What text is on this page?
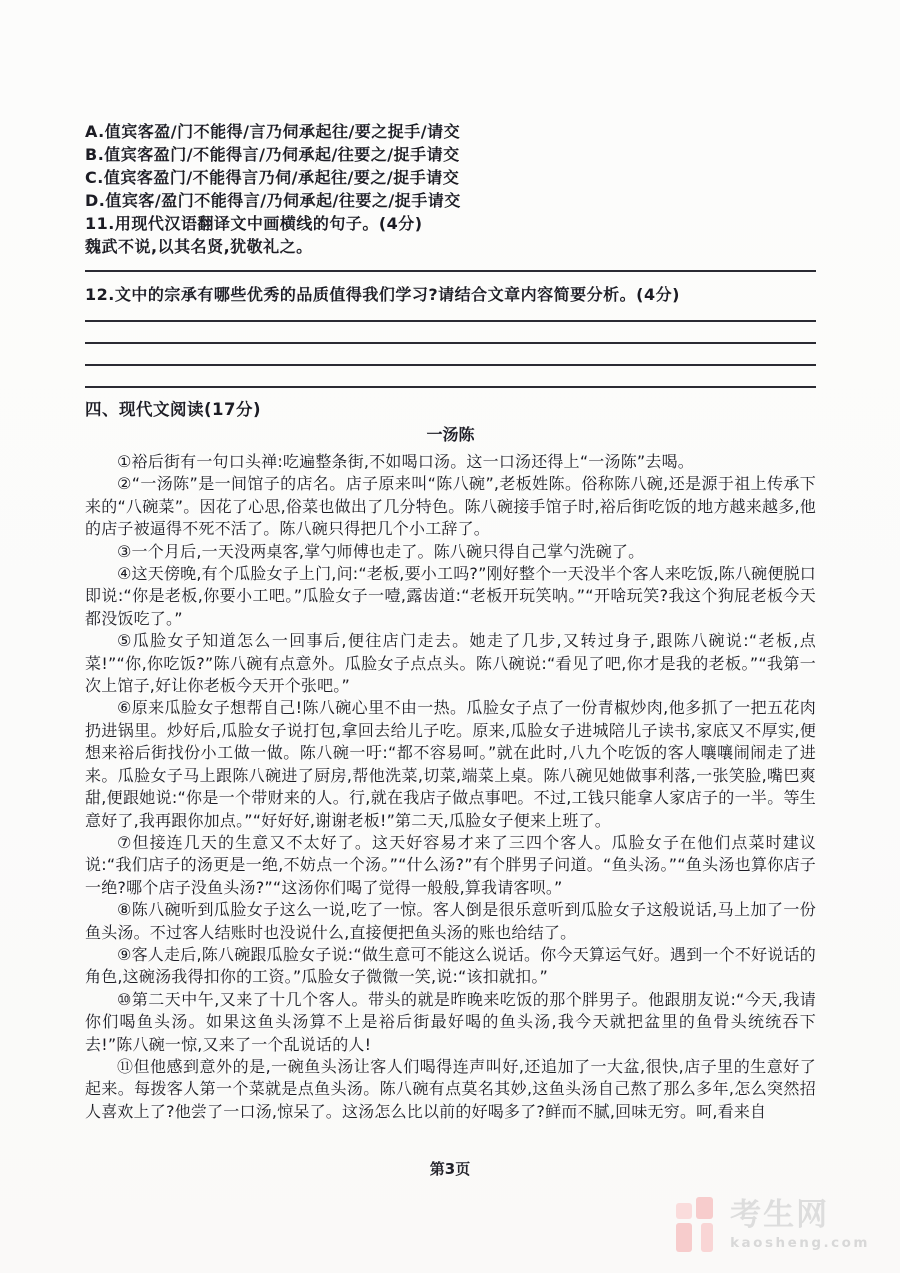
A.值宾客盈/门不能得/言乃伺承起往/要之捉手/请交
B.值宾客盈门/不能得言/乃伺承起/往要之/捉手请交
C.值宾客盈门/不能得言乃伺/承起往/要之/捉手请交
D.值宾客/盈门不能得言/乃伺承起/往要之/捉手请交
11.用现代汉语翻译文中画横线的句子。(4分)
魏武不说,以其名贤,犹敬礼之。
12.文中的宗承有哪些优秀的品质值得我们学习?请结合文章内容简要分析。(4分)
四、现代文阅读(17分)
一汤陈

①裕后街有一句口头禅:吃遍整条街,不如喝口汤。这一口汤还得上“一汤陈”去喝。

②“一汤陈”是一间馆子的店名。店子原来叫“陈八碗”,老板姓陈。俗称陈八碗,还是源于祖上传承下来的“八碗菜”。因花了心思,俗菜也做出了几分特色。陈八碗接手馆子时,裕后街吃饭的地方越来越多,他的店子被逼得不死不活了。陈八碗只得把几个小工辞了。

③一个月后,一天没两桌客,掌勺师傅也走了。陈八碗只得自己掌勺洗碗了。

④这天傍晚,有个瓜脸女子上门,问:“老板,要小工吗?”刚好整个一天没半个客人来吃饭,陈八碗便脱口即说:“你是老板,你要小工吧。”瓜脸女子一噎,露齿道:“老板开玩笑呐。”“开啥玩笑?我这个狗屁老板今天都没饭吃了。”

⑤瓜脸女子知道怎么一回事后,便往店门走去。她走了几步,又转过身子,跟陈八碗说:“老板,点菜!”“你,你吃饭?”陈八碗有点意外。瓜脸女子点点头。陈八碗说:“看见了吧,你才是我的老板。”“我第一次上馆子,好让你老板今天开个张吧。”

⑥原来瓜脸女子想帮自己!陈八碗心里不由一热。瓜脸女子点了一份青椒炒肉,他多抓了一把五花肉扔进锅里。炒好后,瓜脸女子说打包,拿回去给儿子吃。原来,瓜脸女子进城陪儿子读书,家底又不厚实,便想来裕后街找份小工做一做。陈八碗一吁:“都不容易呵。”就在此时,八九个吃饭的客人嚷嚷闹闹走了进来。瓜脸女子马上跟陈八碗进了厨房,帮他洗菜,切菜,端菜上桌。陈八碗见她做事利落,一张笑脸,嘴巴爽甜,便跟她说:“你是一个带财来的人。行,就在我店子做点事吧。不过,工钱只能拿人家店子的一半。等生意好了,我再跟你加点。”“好好好,谢谢老板!”第二天,瓜脸女子便来上班了。

⑦但接连几天的生意又不太好了。这天好容易才来了三四个客人。瓜脸女子在他们点菜时建议说:“我们店子的汤更是一绝,不妨点一个汤。”“什么汤?”有个胖男子问道。“鱼头汤。”“鱼头汤也算你店子一绝?哪个店子没鱼头汤?”“这汤你们喝了觉得一般般,算我请客呗。”

⑧陈八碗听到瓜脸女子这么一说,吃了一惊。客人倒是很乐意听到瓜脸女子这般说话,马上加了一份鱼头汤。不过客人结账时也没说什么,直接便把鱼头汤的账也给结了。

⑨客人走后,陈八碗跟瓜脸女子说:“做生意可不能这么说话。你今天算运气好。遇到一个不好说话的角色,这碗汤我得扣你的工资。”瓜脸女子微微一笑,说:“该扣就扣。”

⑩第二天中午,又来了十几个客人。带头的就是昨晚来吃饭的那个胖男子。他跟朋友说:“今天,我请你们喝鱼头汤。如果这鱼头汤算不上是裕后街最好喝的鱼头汤,我今天就把盆里的鱼骨头统统吞下去!”陈八碗一惊,又来了一个乱说话的人!

⑪但他感到意外的是,一碗鱼头汤让客人们喝得连声叫好,还追加了一大盆,很快,店子里的生意好了起来。每拨客人第一个菜就是点鱼头汤。陈八碗有点莫名其妙,这鱼头汤自己熬了那么多年,怎么突然招人喜欢上了?他尝了一口汤,惊呆了。这汤怎么比以前的好喝多了?鲜而不腻,回味无穷。呵,看来自

第3页
考生网
kaosheng.com
